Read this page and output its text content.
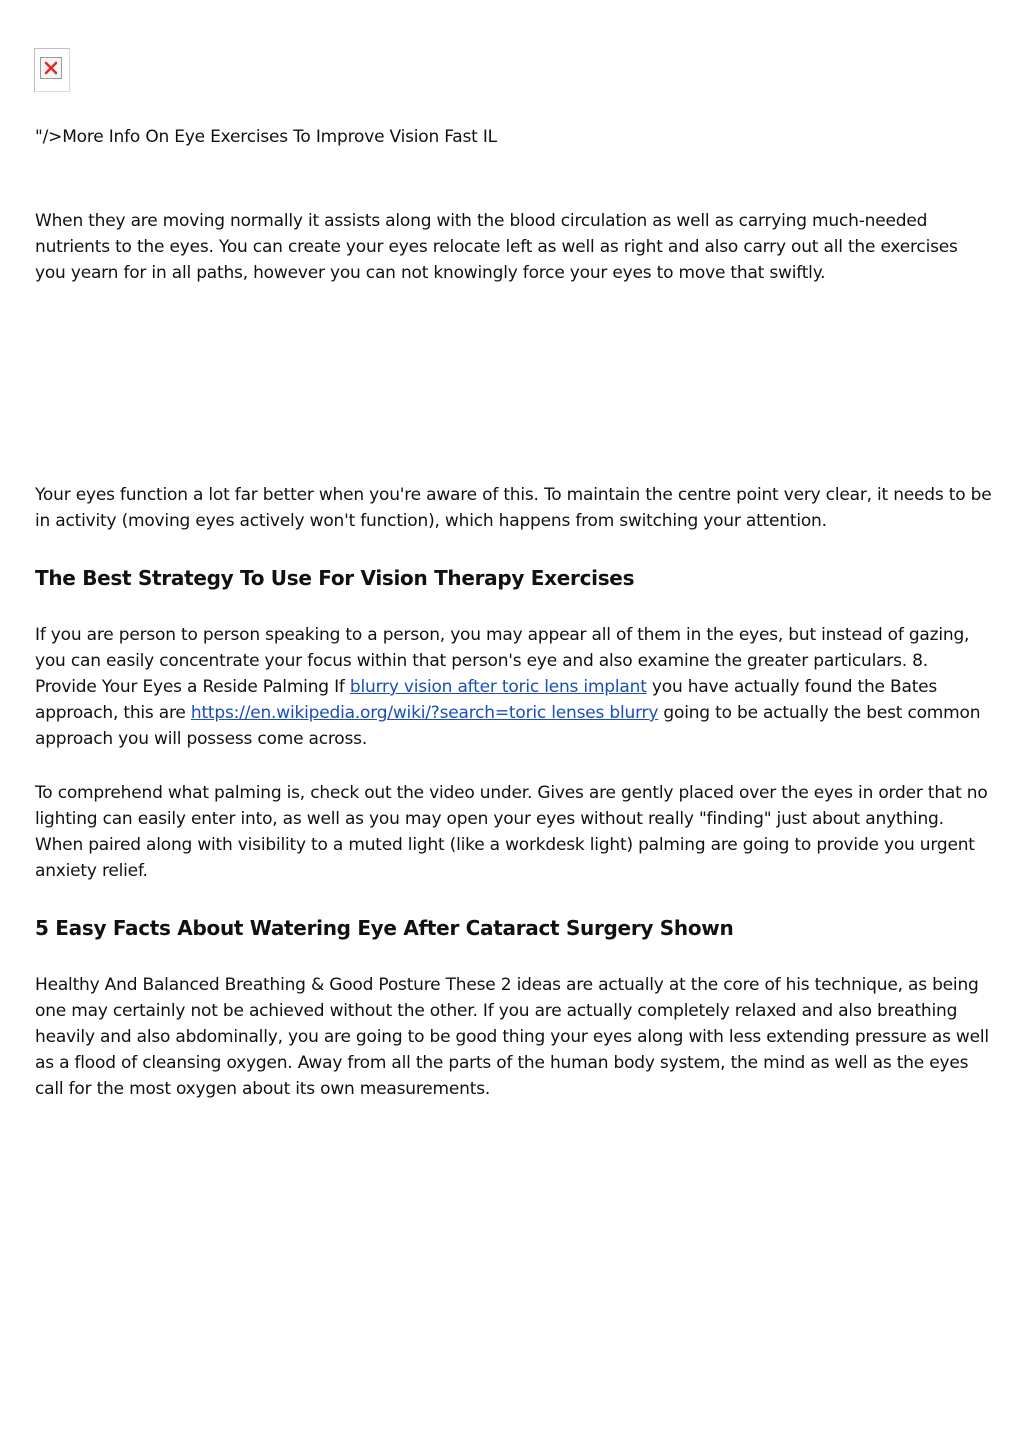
"/>More Info On Eye Exercises To Improve Vision Fast IL

When they are moving normally it assists along with the blood circulation as well as carrying much-needed nutrients to the eyes. You can create your eyes relocate left as well as right and also carry out all the exercises you yearn for in all paths, however you can not knowingly force your eyes to move that swiftly.

Your eyes function a lot far better when you're aware of this. To maintain the centre point very clear, it needs to be in activity (moving eyes actively won't function), which happens from switching your attention.

The Best Strategy To Use For Vision Therapy Exercises

If you are person to person speaking to a person, you may appear all of them in the eyes, but instead of gazing, you can easily concentrate your focus within that person's eye and also examine the greater particulars. 8. Provide Your Eyes a Reside Palming If blurry vision after toric lens implant you have actually found the Bates approach, this are https://en.wikipedia.org/wiki/?search=toric lenses blurry going to be actually the best common approach you will possess come across.

To comprehend what palming is, check out the video under. Gives are gently placed over the eyes in order that no lighting can easily enter into, as well as you may open your eyes without really "finding" just about anything. When paired along with visibility to a muted light (like a workdesk light) palming are going to provide you urgent anxiety relief.

5 Easy Facts About Watering Eye After Cataract Surgery Shown

Healthy And Balanced Breathing & Good Posture These 2 ideas are actually at the core of his technique, as being one may certainly not be achieved without the other. If you are actually completely relaxed and also breathing heavily and also abdominally, you are going to be good thing your eyes along with less extending pressure as well as a flood of cleansing oxygen. Away from all the parts of the human body system, the mind as well as the eyes call for the most oxygen about its own measurements.
